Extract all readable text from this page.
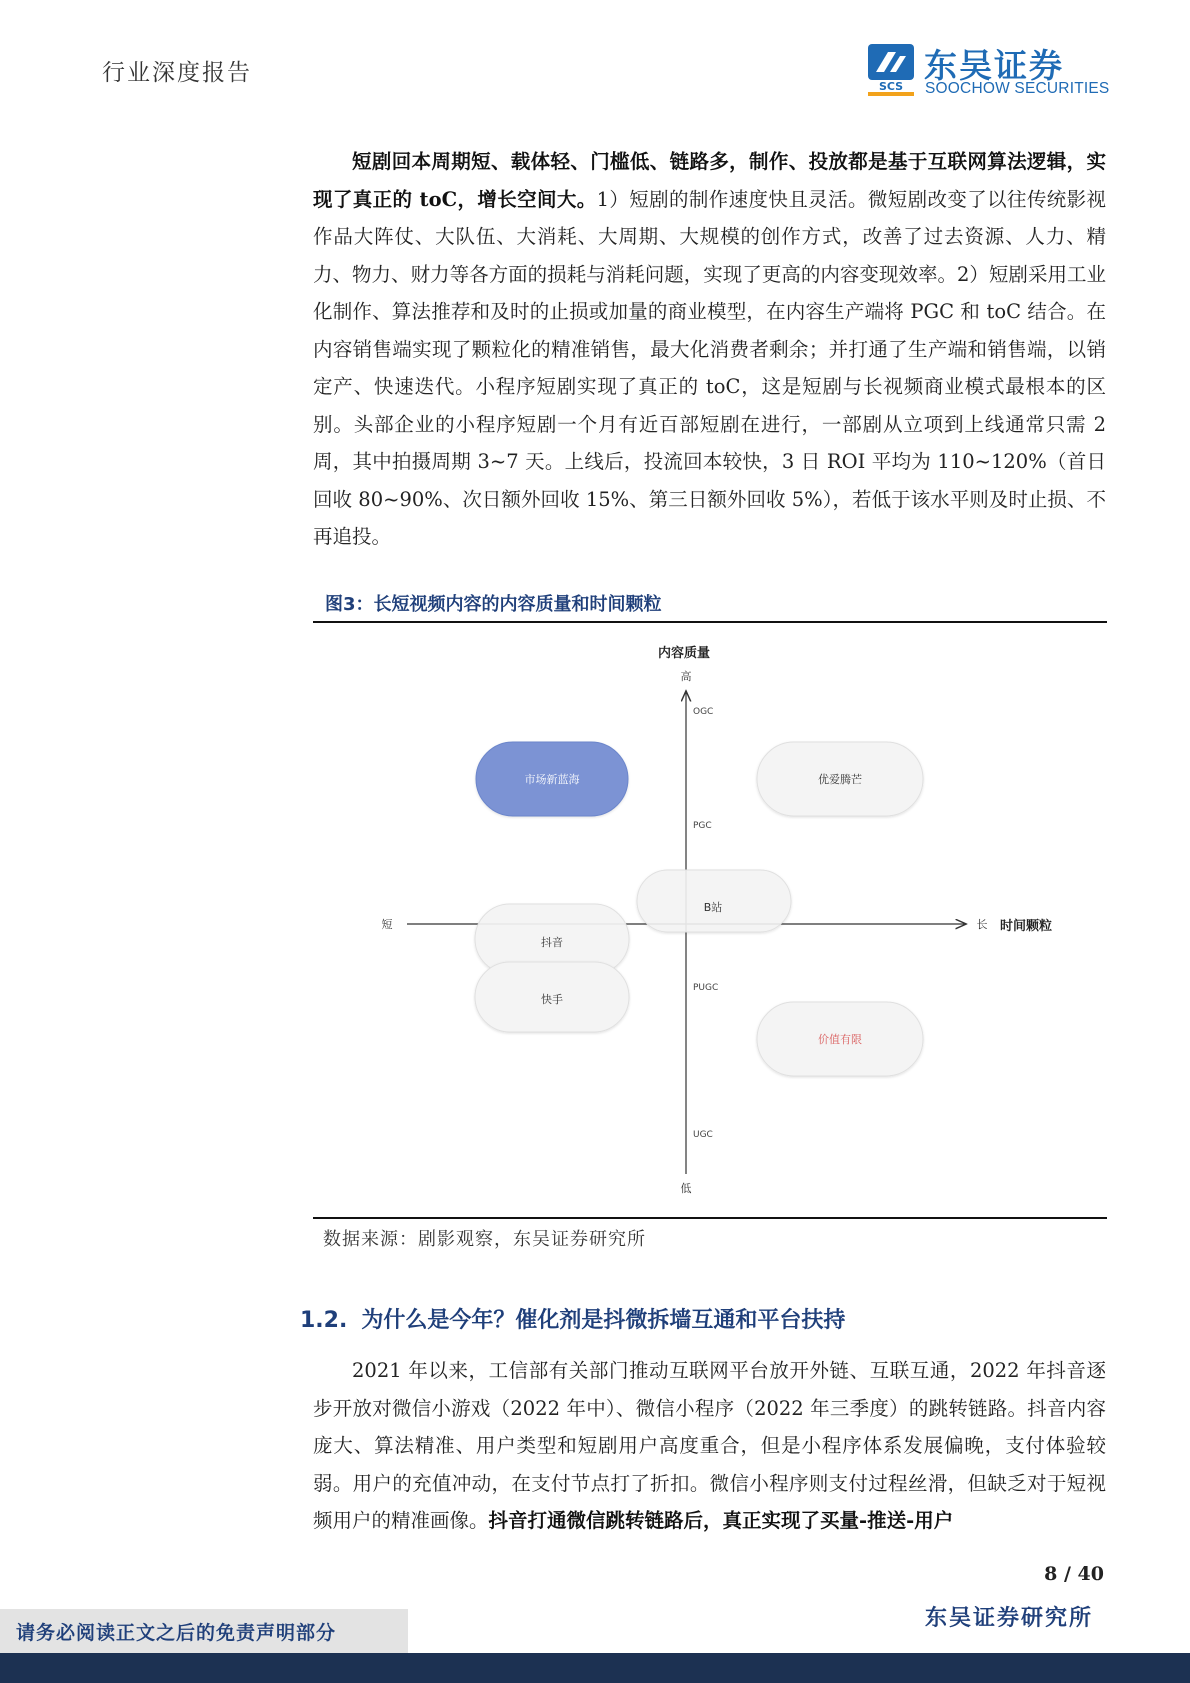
行业深度报告
SCS
东吴证券
SOOCHOW SECURITIES

短剧回本周期短、载体轻、门槛低、链路多，制作、投放都是基于互联网算法逻辑，实现了真正的 toC，增长空间大。1）短剧的制作速度快且灵活。微短剧改变了以往传统影视作品大阵仗、大队伍、大消耗、大周期、大规模的创作方式，改善了过去资源、人力、精力、物力、财力等各方面的损耗与消耗问题，实现了更高的内容变现效率。2）短剧采用工业化制作、算法推荐和及时的止损或加量的商业模型，在内容生产端将 PGC 和 toC 结合。在内容销售端实现了颗粒化的精准销售，最大化消费者剩余；并打通了生产端和销售端，以销定产、快速迭代。小程序短剧实现了真正的 toC，这是短剧与长视频商业模式最根本的区别。头部企业的小程序短剧一个月有近百部短剧在进行，一部剧从立项到上线通常只需 2 周，其中拍摄周期 3~7 天。上线后，投流回本较快，3 日 ROI 平均为 110~120%（首日回收 80~90%、次日额外回收 15%、第三日额外回收 5%），若低于该水平则及时止损、不再追投。

图3：长短视频内容的内容质量和时间颗粒
内容质量
高
低
短	长 时间颗粒
OGC
PGC
PUGC
UGC
市场新蓝海	优爱腾芒
B站
抖音
快手
价值有限
数据来源：剧影观察，东吴证券研究所
1.2. 为什么是今年？催化剂是抖微拆墙互通和平台扶持

2021 年以来，工信部有关部门推动互联网平台放开外链、互联互通，2022 年抖音逐步开放对微信小游戏（2022 年中）、微信小程序（2022 年三季度）的跳转链路。抖音内容庞大、算法精准、用户类型和短剧用户高度重合，但是小程序体系发展偏晚，支付体验较弱。用户的充值冲动，在支付节点打了折扣。微信小程序则支付过程丝滑，但缺乏对于短视频用户的精准画像。抖音打通微信跳转链路后，真正实现了买量-推送-用户

8 / 40
东吴证券研究所
请务必阅读正文之后的免责声明部分
